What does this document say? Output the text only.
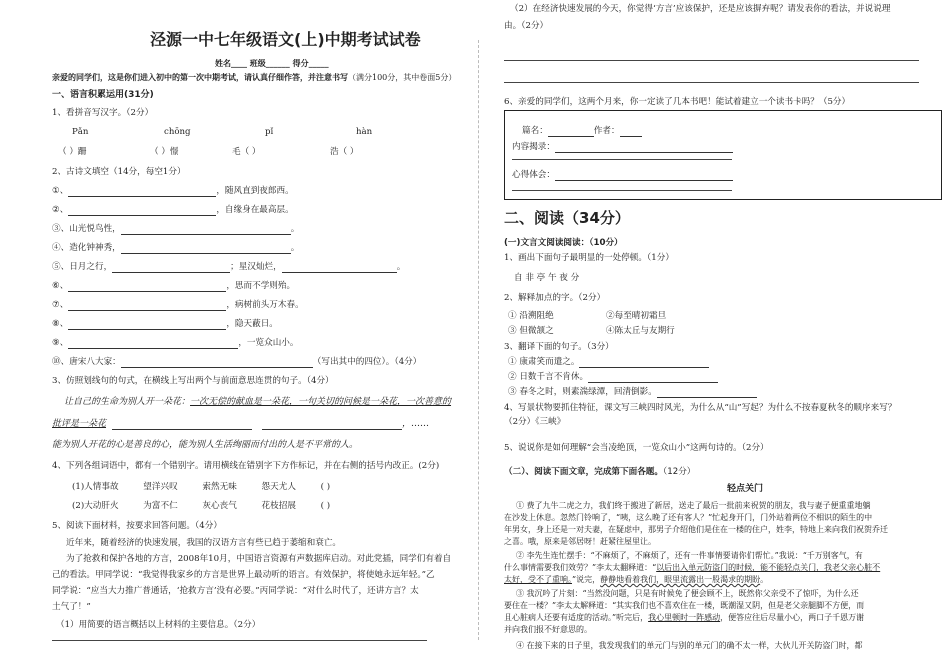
泾源一中七年级语文(上)中期考试试卷
姓名____ 班级______ 得分_____
亲爱的同学们，这是你们进入初中的第一次中期考试，请认真仔细作答，并注意书写（满分100分，其中卷面5分）
一、语言积累运用(31分)
1、看拼音写汉字。（2分）
Pǎn	chōng	pǐ	hàn
（ ）跚	（ ）憬	毛（ ）	浩（ ）
2、古诗文填空（14分，每空1分）
①、	，随风直到夜郎西。
②、	，自缘身在最高层。
③、山光悦鸟性，	。
④、造化钟神秀，	。
⑤、日月之行，	；星汉灿烂，	。
⑥、	，思而不学则殆。
⑦、	，病树前头万木春。
⑧、	，隐天蔽日。
⑨、	，一览众山小。
⑩、唐宋八大家：	（写出其中的四位）。（4分）
3、仿照划线句的句式，在横线上写出两个与前面意思连贯的句子。（4分）
让自己的生命为别人开一朵花：一次无偿的献血是一朵花，一句关切的问候是一朵花，一次善意的
批评是一朵花	，……
能为别人开花的心是善良的心，能为别人生活绚丽而付出的人是不平常的人。
4、下列各组词语中，都有一个错别字。请用横线在错别字下方作标记，并在右侧的括号内改正。(2分)
(1)人情事故	望洋兴叹	索然无味	怨天尤人	( )
(2)大动肝火	为富不仁	灰心丧气	花枝招展	( )
5、阅读下面材料，按要求回答问题。（4分）
近年来，随着经济的快速发展，我国的汉语方言有些已趋于萎缩和衰亡。
为了抢救和保护各地的方言，2008年10月，中国语言资源有声数据库启动。对此党插，同学们有着自
己的看法。甲同学说：“我觉得我家乡的方言是世界上最动听的语言。有效保护，将使她永远年轻。”乙
同学说：“应当大力推广普通话，‘抢救方言’没有必要。”丙同学说：“对什么时代了，还讲方言？太
土气了！”
（1）用简要的语言概括以上材料的主要信息。（2分）
（2）在经济快速发展的今天，你觉得‘方言’应该保护，还是应该摒弃呢？请发表你的看法，并说说理
由。（2分）
6、亲爱的同学们，这两个月来，你一定读了几本书吧！能试着建立一个读书卡吗？（5分）
篇名：	作者：
内容揭录：
心得体会：
二、阅读（34分）
(一)文言文阅读阅读：（10分）
1、画出下面句子最明显的一处停顿。（1分）
自 非 亭 午 夜 分
2、解释加点的字。（2分）
① 沿溯阻绝	②每至晴初霜旦
③ 但微颔之	④陈太丘与友期行
3、翻译下面的句子。（3分）
① 康肃笑而遣之。
② 日数千言不肯休。
③ 春冬之时，则素湍绿潭，回清倒影。
4、写景状物要抓住特征，课文写三峡四时风光，为什么从“山”写起？为什么不按春夏秋冬的顺序来写？
（2分）《三峡》
5、说说你是如何理解“会当凌绝顶，一览众山小”这两句诗的。（2分）
（二）、阅读下面文章，完成第下面各题。（12分）
轻点关门
① 费了九牛二虎之力，我们终于搬进了新居，送走了最后一批前来祝贺的朋友，我与妻子便重重地躺
在沙发上休息。忽然门铃响了，“咦，这么晚了还有客人？”忙起身开门，门外站着两位不相识的陌生的中
年男女，身上还是一对夫妻，在疑虑中，那男子介绍他们是住在一楼的住户，姓李，特地上来向我们祝贺乔迁
之喜。哦，原来是邻居呀！赶紧往屋里让。
② 李先生连忙摆手：“不麻烦了，不麻烦了，还有一件事情要请你们帮忙。”我说：“千万别客气，有
什么事情需要我们效劳？”李太太翻释道：“以后出入单元防盗门的时候，能不能轻点关门，我老父亲心脏不
太好，受不了重响。”说完，静静地看着我们，眼里流露出一股渴求的期盼。
③ 我沉吟了片刻：“当然没问题，只是有时候免了便会顾不上，既然你父亲受不了惊吓，为什么还
要住在一楼？”李太太解释道：“其实我们也不喜欢住在一楼，既潮湿又阴，但是老父亲腿脚不方便，而
且心脏病人还要有适度的活动。”听完后，我心里顿时一阵感动，便答应往后尽量小心，两口子千恩万谢
并向我们报不好意思的。
④ 在接下来的日子里，我发现我们的单元门与别的单元门的确不太一样，大伙儿开关防盗门时，都
